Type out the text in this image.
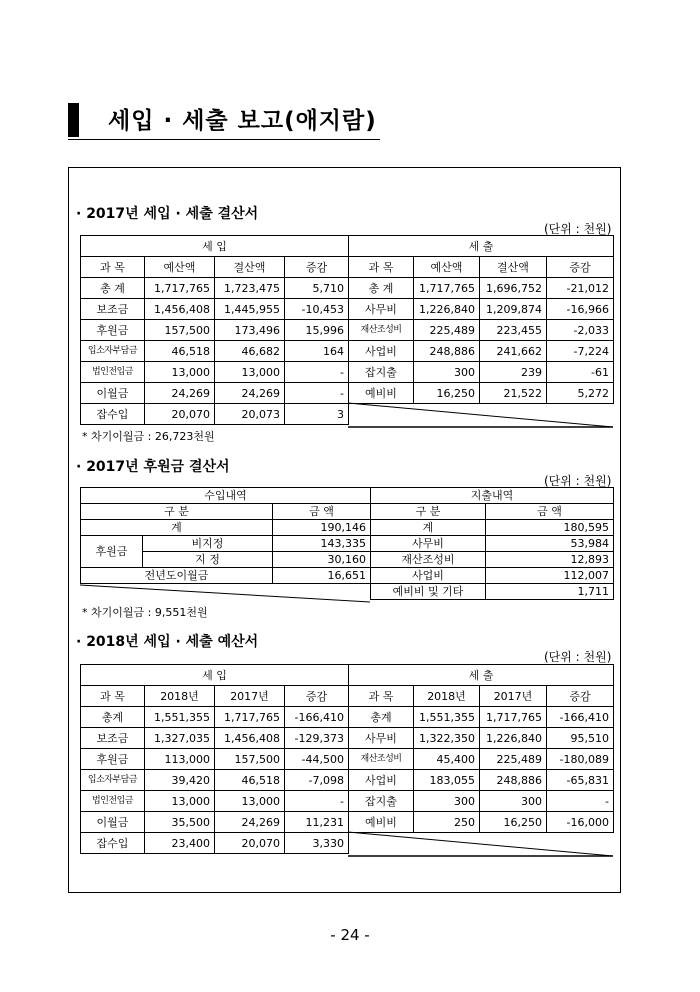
세입 · 세출 보고(애지람)
· 2017년 세입 · 세출 결산서
(단위 : 천원)
세 입				세 출			
과 목	예산액	결산액	증감	과 목	예산액	결산액	증감
총 계	1,717,765	1,723,475	5,710	총 계	1,717,765	1,696,752	-21,012
보조금	1,456,408	1,445,955	-10,453	사무비	1,226,840	1,209,874	-16,966
후원금	157,500	173,496	15,996	재산조성비	225,489	223,455	-2,033
입소자부담금	46,518	46,682	164	사업비	248,886	241,662	-7,224
법인전입금	13,000	13,000	-	잡지출	300	239	-61
이월금	24,269	24,269	-	예비비	16,250	21,522	5,272
잡수입	20,070	20,073	3				
* 차기이월금 : 26,723천원
· 2017년 후원금 결산서
(단위 : 천원)
수입내역			지출내역	
구 분		금 액	구 분	금 액
계		190,146	계	180,595
후원금	비지정	143,335	사무비	53,984
	지 정	30,160	재산조성비	12,893
전년도이월금		16,651	사업비	112,007
			예비비 및 기타	1,711
* 차기이월금 : 9,551천원
· 2018년 세입 · 세출 예산서
(단위 : 천원)
세 입				세 출			
과 목	2018년	2017년	증감	과 목	2018년	2017년	증감
총계	1,551,355	1,717,765	-166,410	총계	1,551,355	1,717,765	-166,410
보조금	1,327,035	1,456,408	-129,373	사무비	1,322,350	1,226,840	95,510
후원금	113,000	157,500	-44,500	재산조성비	45,400	225,489	-180,089
입소자부담금	39,420	46,518	-7,098	사업비	183,055	248,886	-65,831
법인전입금	13,000	13,000	-	잡지출	300	300	-
이월금	35,500	24,269	11,231	예비비	250	16,250	-16,000
잡수입	23,400	20,070	3,330				
- 24 -
